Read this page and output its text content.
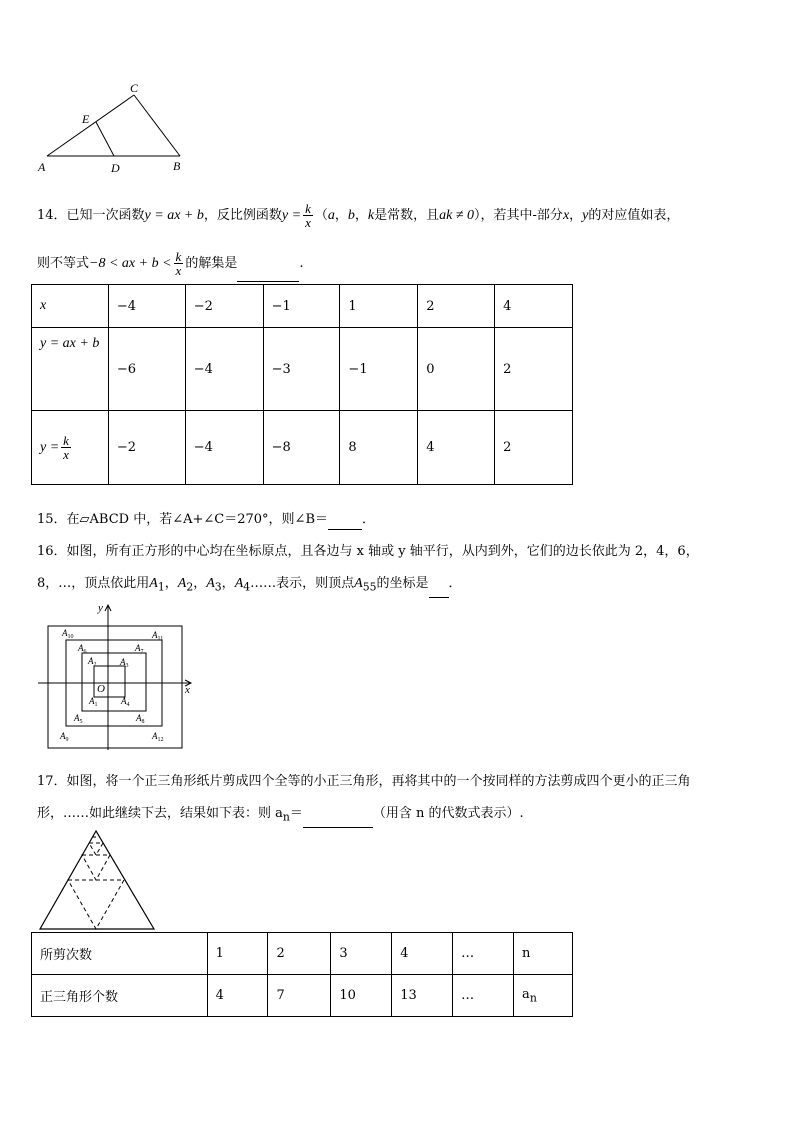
C
E
A	D	B
14．已知一次函数y = ax + b，反比例函数$y = \frac{k}{x} (a$，b，k是常数，且ak ≠ 0），若其中-部分x，y的对应值如表，
则不等式−8 < ax + $b < \frac{k}{x}$ 的解集是	.
x	−4	−2	−1	1	2	4
y = ax + b	−6	−4	−3	−1	0	2
$y = \frac{k}{x}$	−2	−4	−8	8	4	2
15．在▱ABCD 中，若∠A+∠C＝270°，则∠B＝	．
16．如图，所有正方形的中心均在坐标原点，且各边与 x 轴或 y 轴平行，从内到外，它们的边长依此为 2，4，6，
8，…，顶点依此用$A_1$，$A_2$，$A_3$，$A_4\dots\dots$表示，则顶点$A_{55}$的坐标是 ．
y
x
O
$A_{10}$	$A_{11}$
$A_6$	$A_7$
$A_2$	$A_3$
$A_1$	$A_4$
$A_5$	$A_8$
$A_9$	$A_{12}$
17．如图，将一个正三角形纸片剪成四个全等的小正三角形，再将其中的一个按同样的方法剪成四个更小的正三角
形，……如此继续下去，结果如下表：则 $a_n=$	（用含 n 的代数式表示）.
所剪次数	1	2	3	4	…	n
正三角形个数	4	7	10	13	…	$a_n$
